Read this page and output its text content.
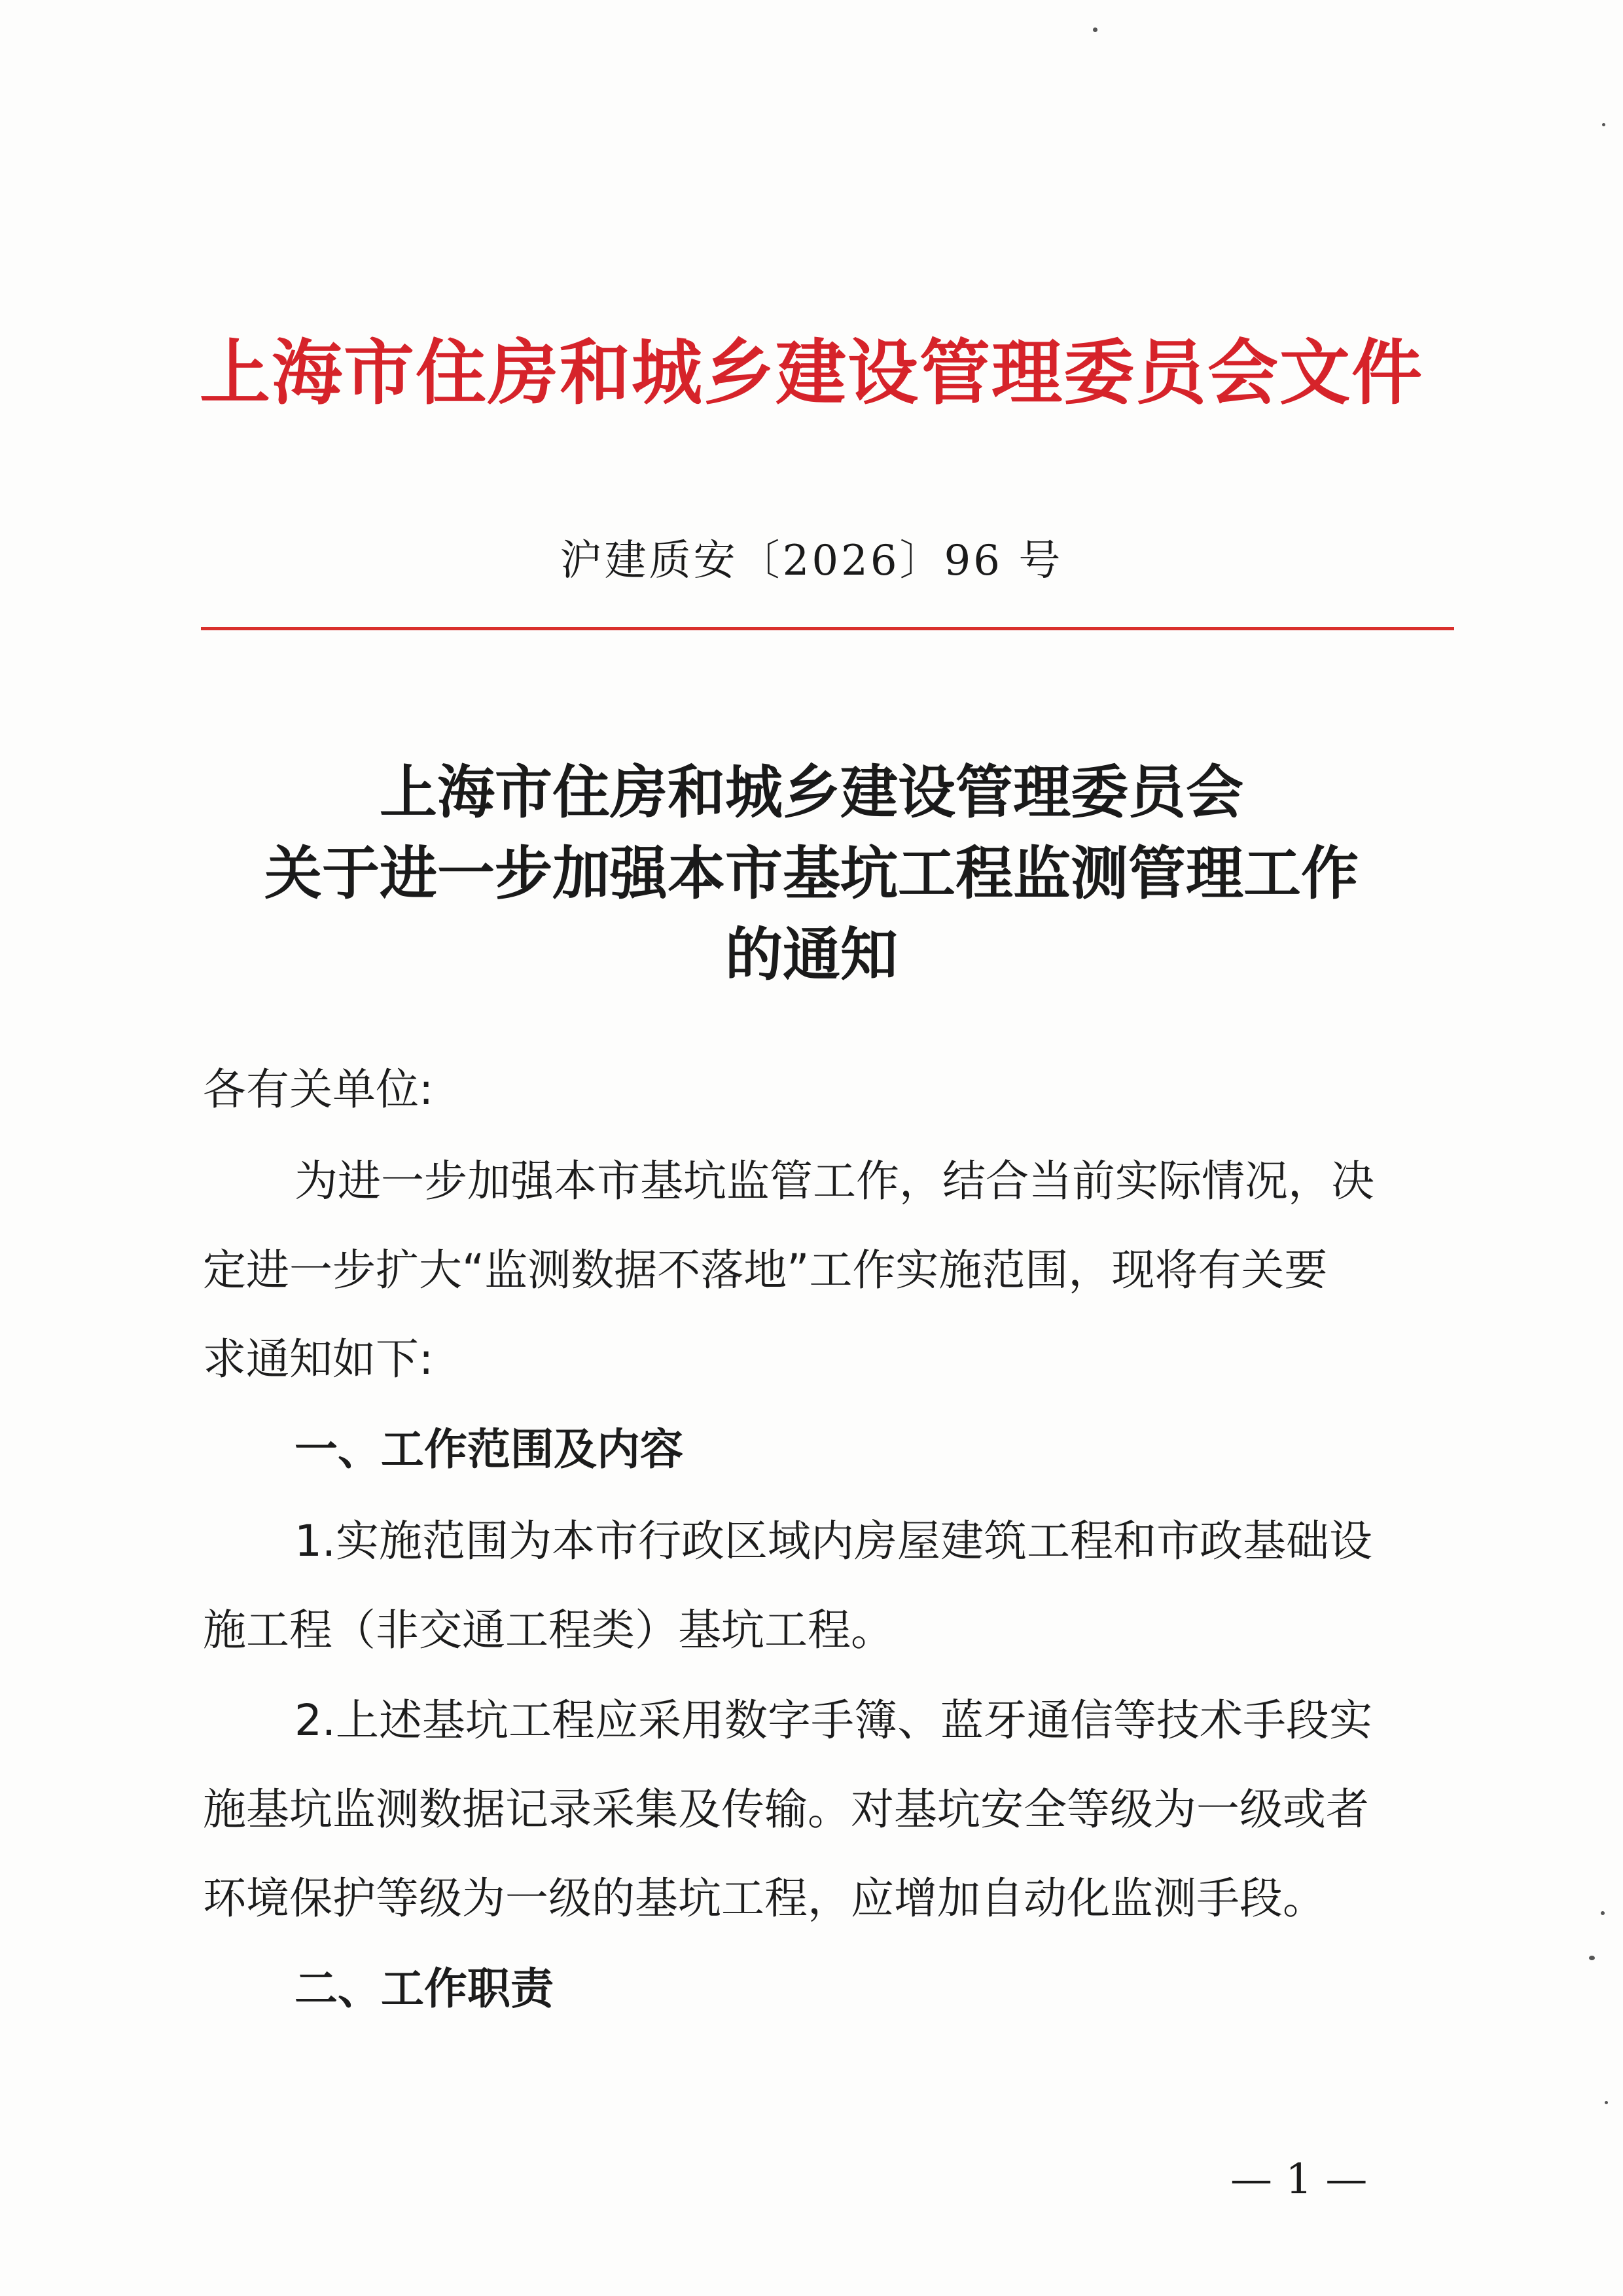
上海市住房和城乡建设管理委员会文件
沪建质安〔2026〕96 号
上海市住房和城乡建设管理委员会
关于进一步加强本市基坑工程监测管理工作
的通知
各有关单位:
为进一步加强本市基坑监管工作，结合当前实际情况，决
定进一步扩大“监测数据不落地”工作实施范围，现将有关要
求通知如下:
一、工作范围及内容
1.实施范围为本市行政区域内房屋建筑工程和市政基础设
施工程（非交通工程类）基坑工程。
2.上述基坑工程应采用数字手簿、蓝牙通信等技术手段实
施基坑监测数据记录采集及传输。对基坑安全等级为一级或者
环境保护等级为一级的基坑工程，应增加自动化监测手段。
二、工作职责
— 1 —
